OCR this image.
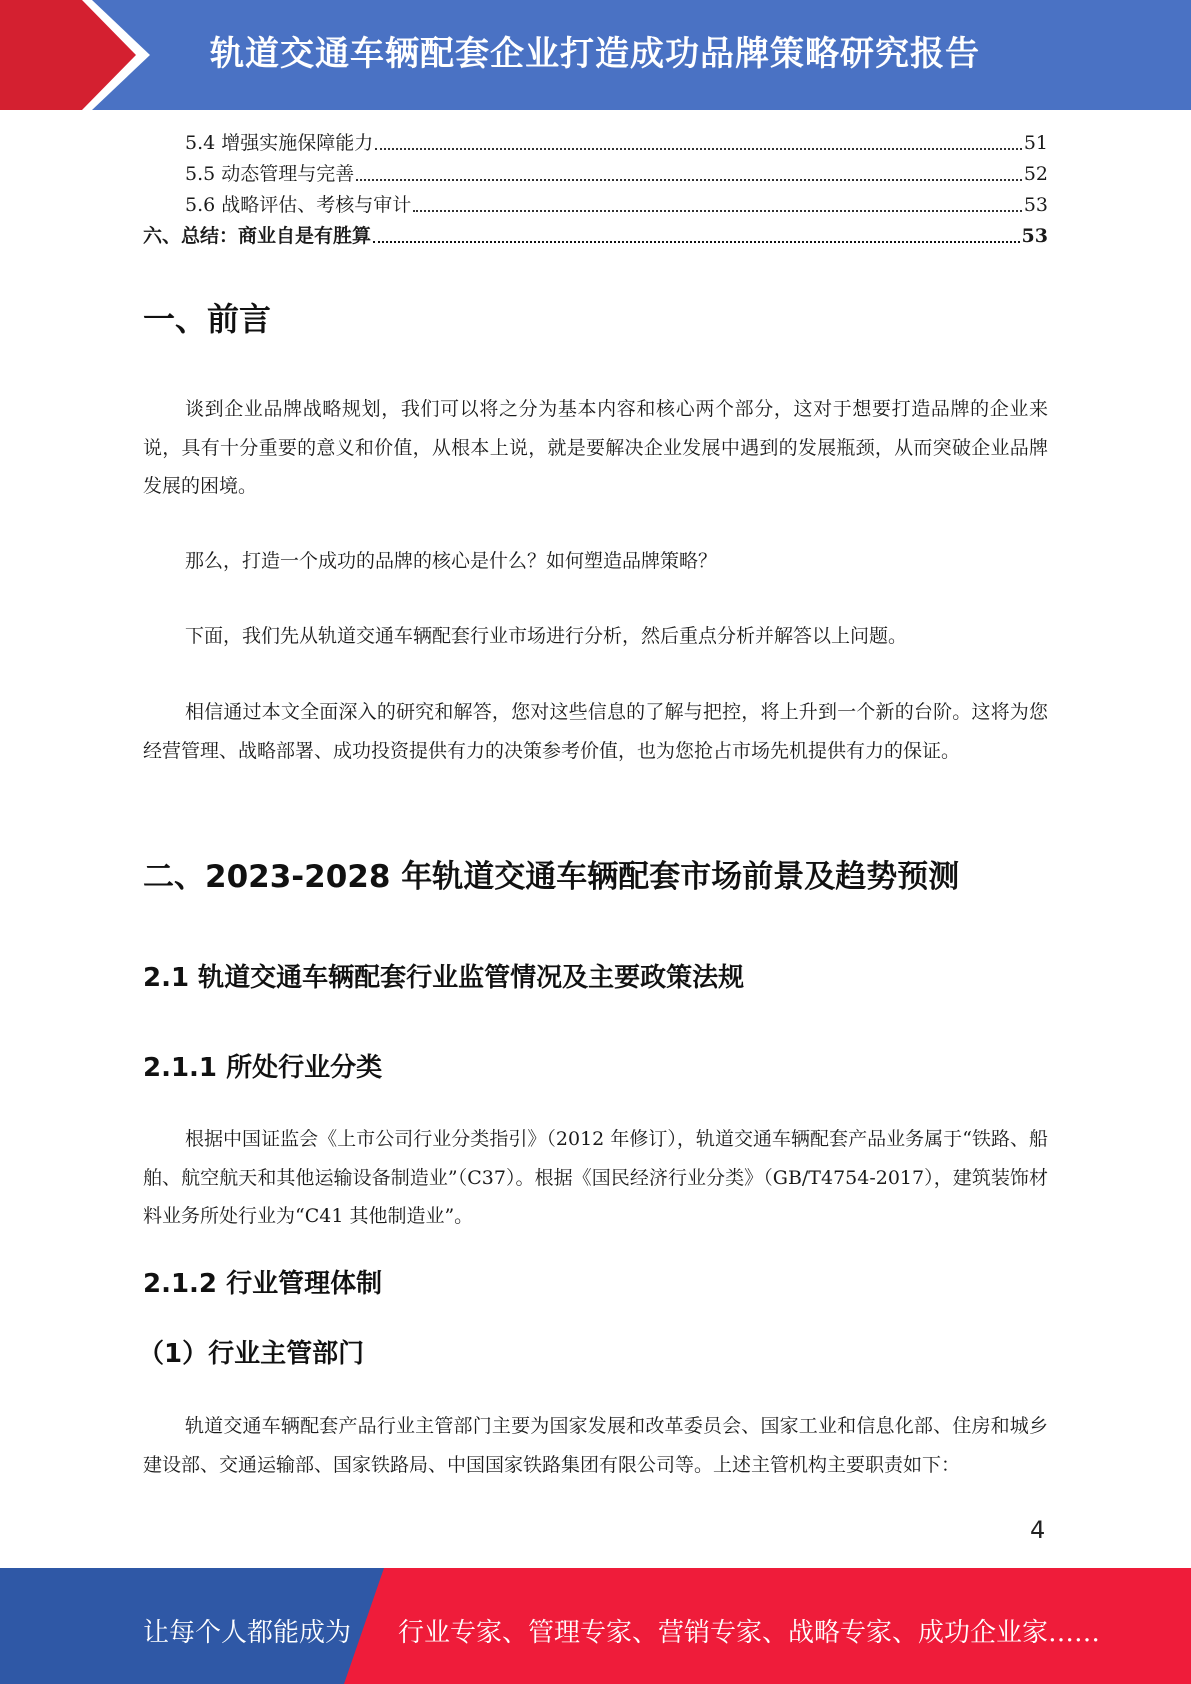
轨道交通车辆配套企业打造成功品牌策略研究报告
5.4 增强实施保障能力	51
5.5 动态管理与完善	52
5.6 战略评估、考核与审计	53
六、总结：商业自是有胜算	53
一、前言
谈到企业品牌战略规划，我们可以将之分为基本内容和核心两个部分，这对于想要打造品牌的企业来说，具有十分重要的意义和价值，从根本上说，就是要解决企业发展中遇到的发展瓶颈，从而突破企业品牌发展的困境。
那么，打造一个成功的品牌的核心是什么？如何塑造品牌策略？
下面，我们先从轨道交通车辆配套行业市场进行分析，然后重点分析并解答以上问题。
相信通过本文全面深入的研究和解答，您对这些信息的了解与把控，将上升到一个新的台阶。这将为您经营管理、战略部署、成功投资提供有力的决策参考价值，也为您抢占市场先机提供有力的保证。
二、2023-2028 年轨道交通车辆配套市场前景及趋势预测
2.1 轨道交通车辆配套行业监管情况及主要政策法规
2.1.1 所处行业分类
根据中国证监会《上市公司行业分类指引》（2012 年修订），轨道交通车辆配套产品业务属于“铁路、船舶、航空航天和其他运输设备制造业”（C37）。根据《国民经济行业分类》（GB/T4754-2017），建筑装饰材料业务所处行业为“C41 其他制造业”。
2.1.2 行业管理体制
（1）行业主管部门
轨道交通车辆配套产品行业主管部门主要为国家发展和改革委员会、国家工业和信息化部、住房和城乡建设部、交通运输部、国家铁路局、中国国家铁路集团有限公司等。上述主管机构主要职责如下：
4
让每个人都能成为 行业专家、管理专家、营销专家、战略专家、成功企业家……
